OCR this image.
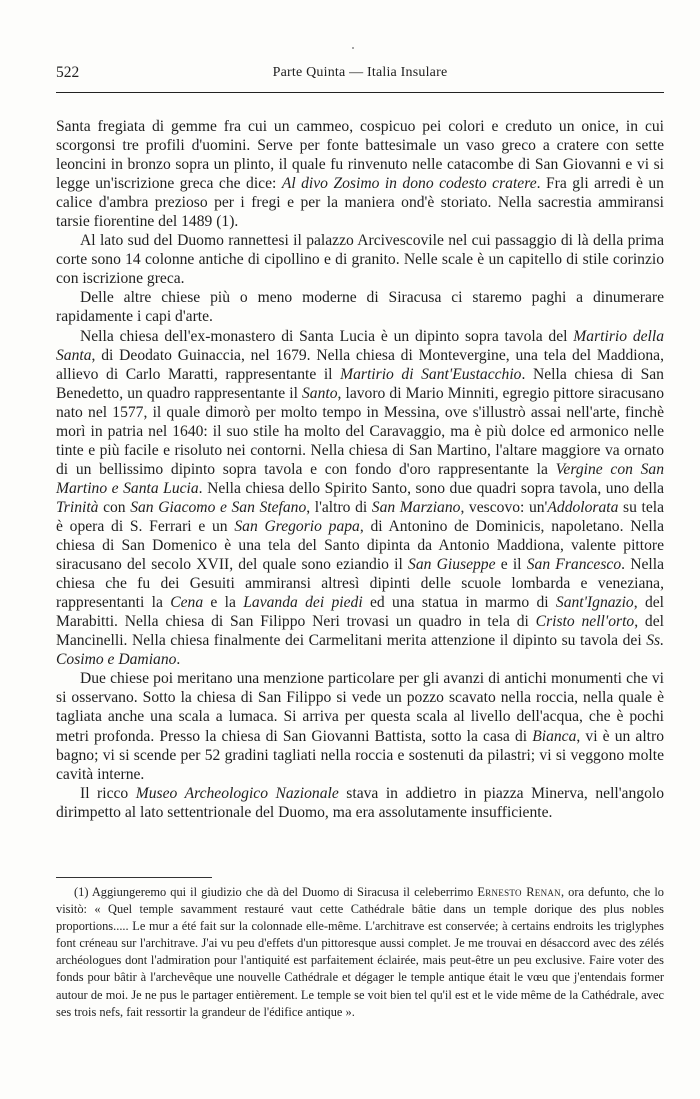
522	Parte Quinta — Italia Insulare

Santa fregiata di gemme fra cui un cammeo, cospicuo pei colori e creduto un onice, in cui scorgonsi tre profili d'uomini. Serve per fonte battesimale un vaso greco a cratere con sette leoncini in bronzo sopra un plinto, il quale fu rinvenuto nelle catacombe di San Giovanni e vi si legge un'iscrizione greca che dice: Al divo Zosimo in dono codesto cratere. Fra gli arredi è un calice d'ambra prezioso per i fregi e per la maniera ond'è storiato. Nella sacrestia ammiransi tarsie fiorentine del 1489 (1).

Al lato sud del Duomo rannettesi il palazzo Arcivescovile nel cui passaggio di là della prima corte sono 14 colonne antiche di cipollino e di granito. Nelle scale è un capitello di stile corinzio con iscrizione greca.

Delle altre chiese più o meno moderne di Siracusa ci staremo paghi a dinumerare rapidamente i capi d'arte.

Nella chiesa dell'ex-monastero di Santa Lucia è un dipinto sopra tavola del Martirio della Santa, di Deodato Guinaccia, nel 1679. Nella chiesa di Montevergine, una tela del Maddiona, allievo di Carlo Maratti, rappresentante il Martirio di Sant'Eustacchio. Nella chiesa di San Benedetto, un quadro rappresentante il Santo, lavoro di Mario Minniti, egregio pittore siracusano nato nel 1577, il quale dimorò per molto tempo in Messina, ove s'illustrò assai nell'arte, finchè morì in patria nel 1640: il suo stile ha molto del Caravaggio, ma è più dolce ed armonico nelle tinte e più facile e risoluto nei contorni. Nella chiesa di San Martino, l'altare maggiore va ornato di un bellissimo dipinto sopra tavola e con fondo d'oro rappresentante la Vergine con San Martino e Santa Lucia. Nella chiesa dello Spirito Santo, sono due quadri sopra tavola, uno della Trinità con San Giacomo e San Stefano, l'altro di San Marziano, vescovo: un'Addolorata su tela è opera di S. Ferrari e un San Gregorio papa, di Antonino de Dominicis, napoletano. Nella chiesa di San Domenico è una tela del Santo dipinta da Antonio Maddiona, valente pittore siracusano del secolo XVII, del quale sono eziandio il San Giuseppe e il San Francesco. Nella chiesa che fu dei Gesuiti ammiransi altresì dipinti delle scuole lombarda e veneziana, rappresentanti la Cena e la Lavanda dei piedi ed una statua in marmo di Sant'Ignazio, del Marabitti. Nella chiesa di San Filippo Neri trovasi un quadro in tela di Cristo nell'orto, del Mancinelli. Nella chiesa finalmente dei Carmelitani merita attenzione il dipinto su tavola dei Ss. Cosimo e Damiano.

Due chiese poi meritano una menzione particolare per gli avanzi di antichi monumenti che vi si osservano. Sotto la chiesa di San Filippo si vede un pozzo scavato nella roccia, nella quale è tagliata anche una scala a lumaca. Si arriva per questa scala al livello dell'acqua, che è pochi metri profonda. Presso la chiesa di San Giovanni Battista, sotto la casa di Bianca, vi è un altro bagno; vi si scende per 52 gradini tagliati nella roccia e sostenuti da pilastri; vi si veggono molte cavità interne.

Il ricco Museo Archeologico Nazionale stava in addietro in piazza Minerva, nell'angolo dirimpetto al lato settentrionale del Duomo, ma era assolutamente insufficiente.

(1) Aggiungeremo qui il giudizio che dà del Duomo di Siracusa il celeberrimo Ernesto Renan, ora defunto, che lo visitò: « Quel temple savamment restauré vaut cette Cathédrale bâtie dans un temple dorique des plus nobles proportions..... Le mur a été fait sur la colonnade elle-même. L'architrave est conservée; à certains endroits les triglyphes font créneau sur l'architrave. J'ai vu peu d'effets d'un pittoresque aussi complet. Je me trouvai en désaccord avec des zélés archéologues dont l'admiration pour l'antiquité est parfaitement éclairée, mais peut-être un peu exclusive. Faire voter des fonds pour bâtir à l'archevêque une nouvelle Cathédrale et dégager le temple antique était le vœu que j'entendais former autour de moi. Je ne pus le partager entièrement. Le temple se voit bien tel qu'il est et le vide même de la Cathédrale, avec ses trois nefs, fait ressortir la grandeur de l'édifice antique ».
